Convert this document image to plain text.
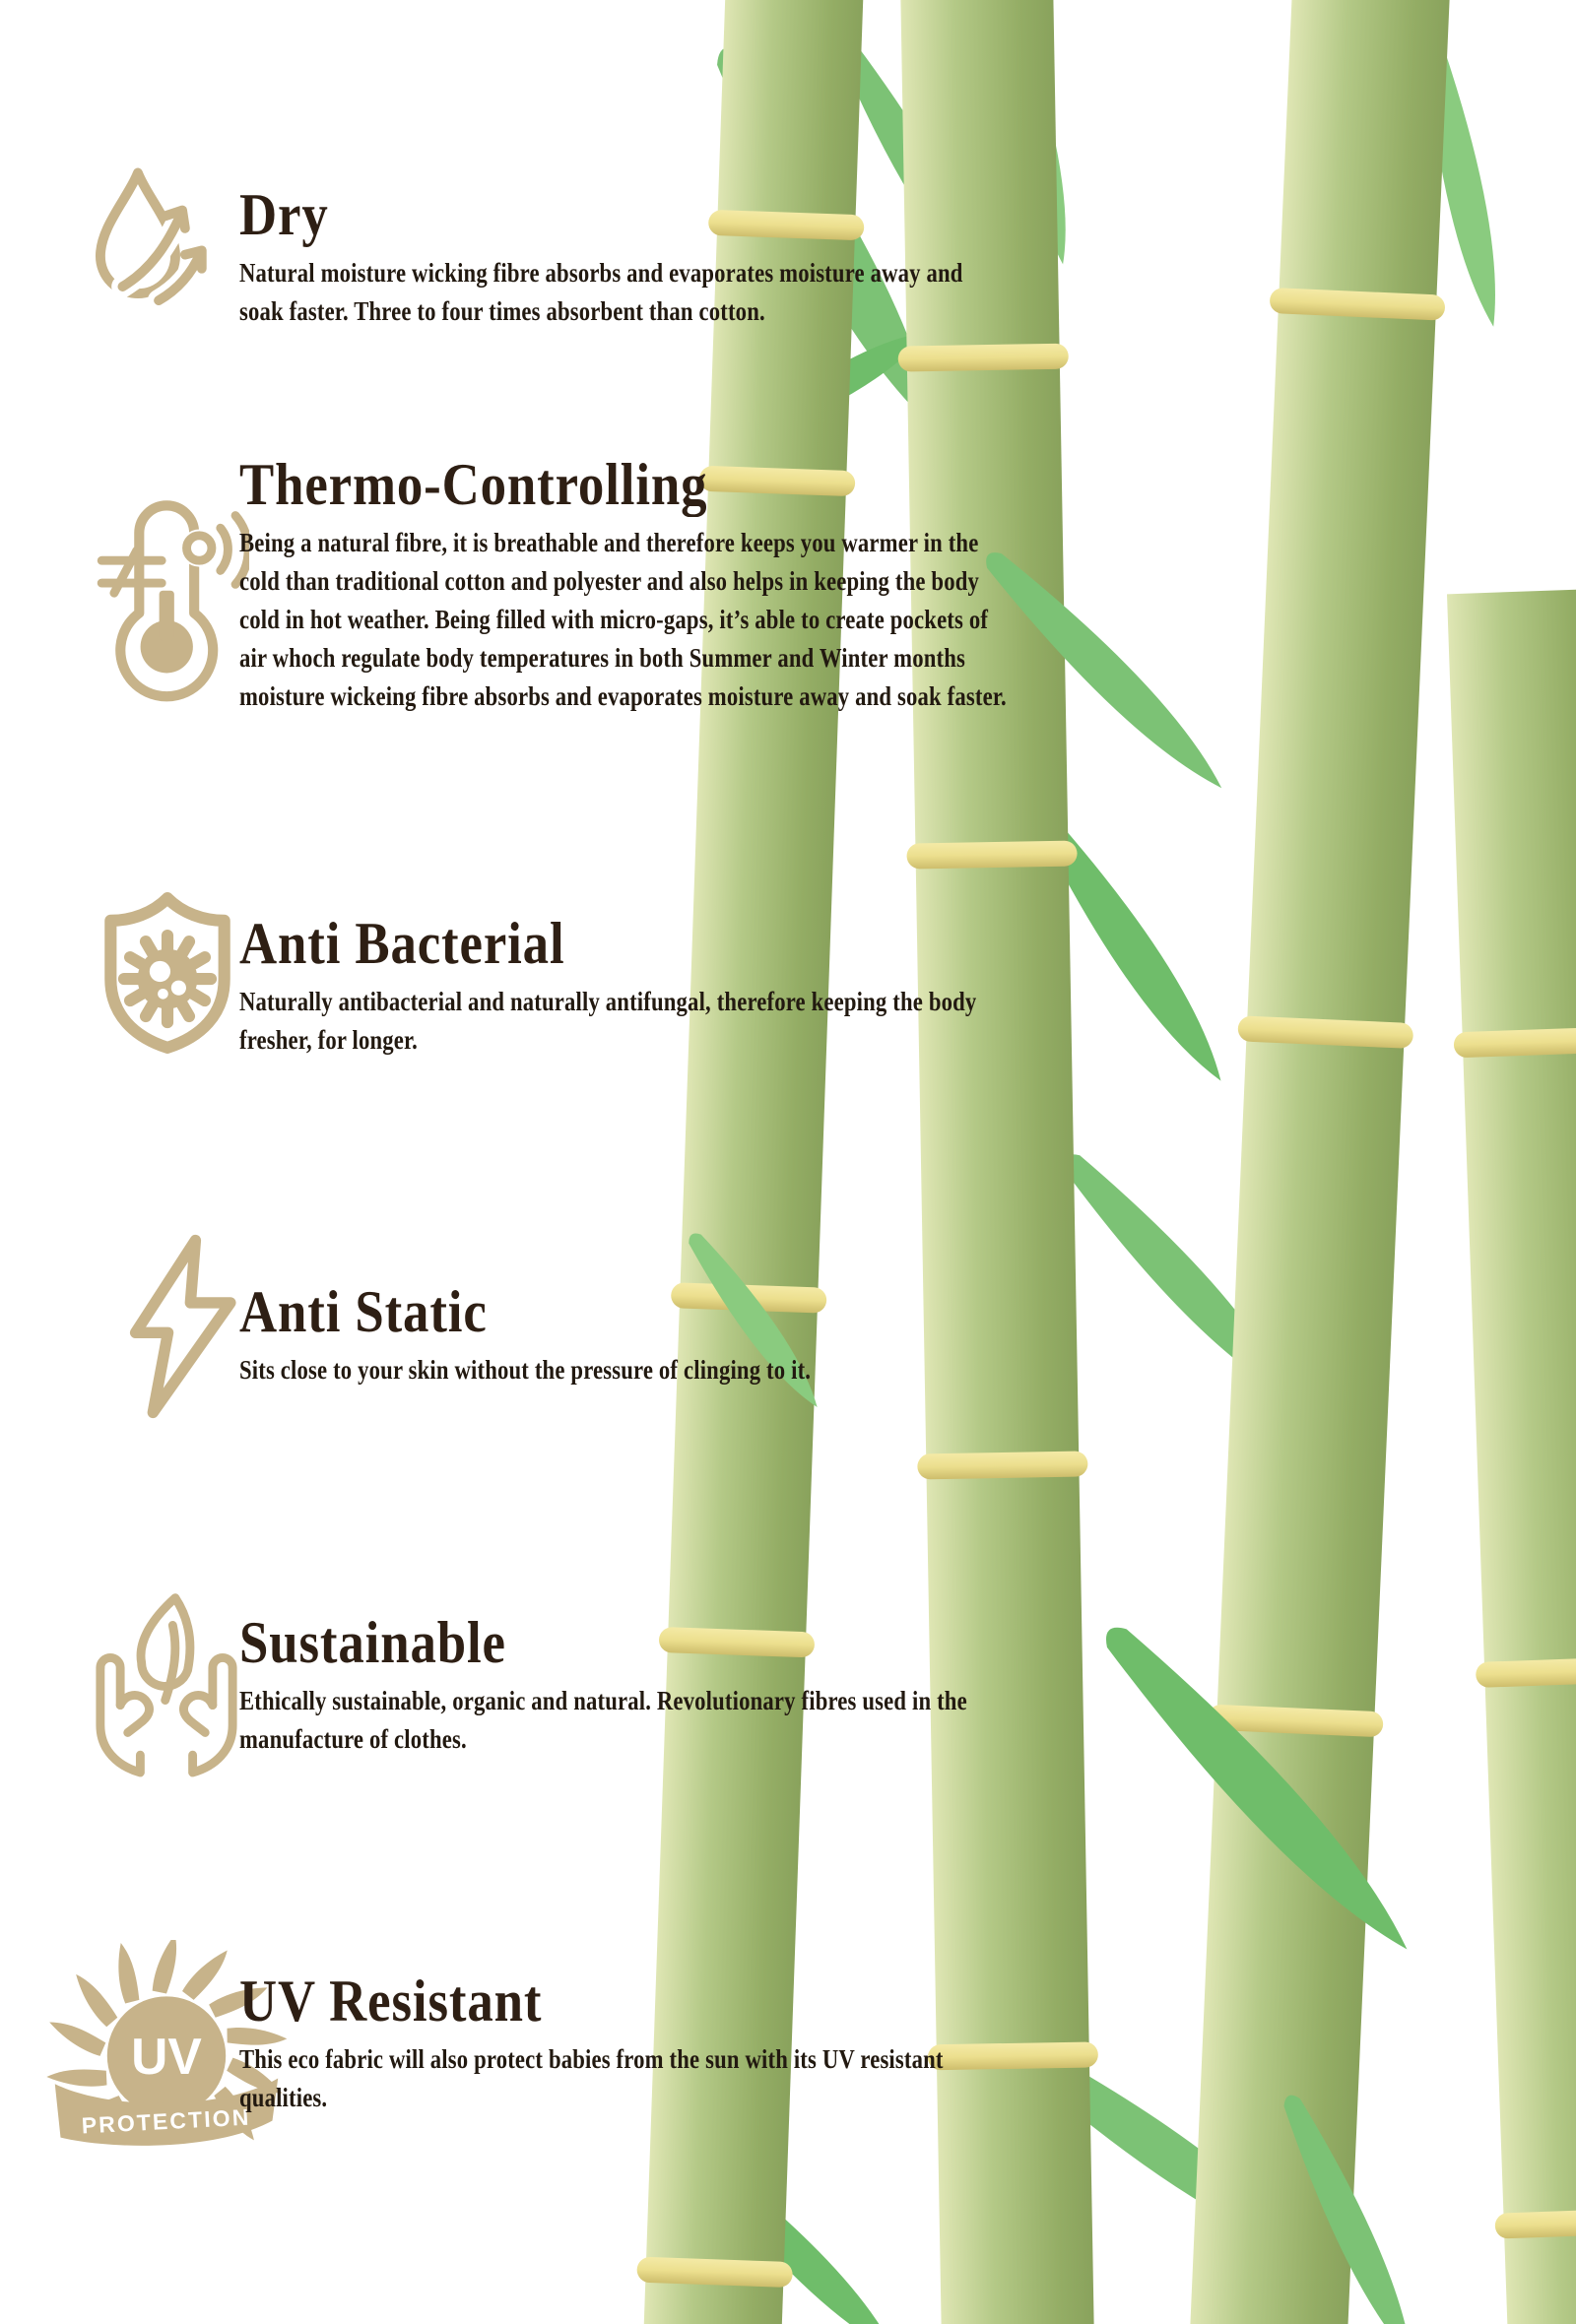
Dry

Natural moisture wicking fibre absorbs and evaporates moisture away and soak faster. Three to four times absorbent than cotton.

Thermo-Controlling

Being a natural fibre, it is breathable and therefore keeps you warmer in the cold than traditional cotton and polyester and also helps in keeping the body cold in hot weather. Being filled with micro-gaps, it’s able to create pockets of air whoch regulate body temperatures in both Summer and Winter months moisture wickeing fibre absorbs and evaporates moisture away and soak faster.

Anti Bacterial

Naturally antibacterial and naturally antifungal, therefore keeping the body fresher, for longer.

Anti Static

Sits close to your skin without the pressure of clinging to it.

Sustainable

Ethically sustainable, organic and natural. Revolutionary fibres used in the manufacture of clothes.

UV
PROTECTION
UV Resistant

This eco fabric will also protect babies from the sun with its UV resistant qualities.
